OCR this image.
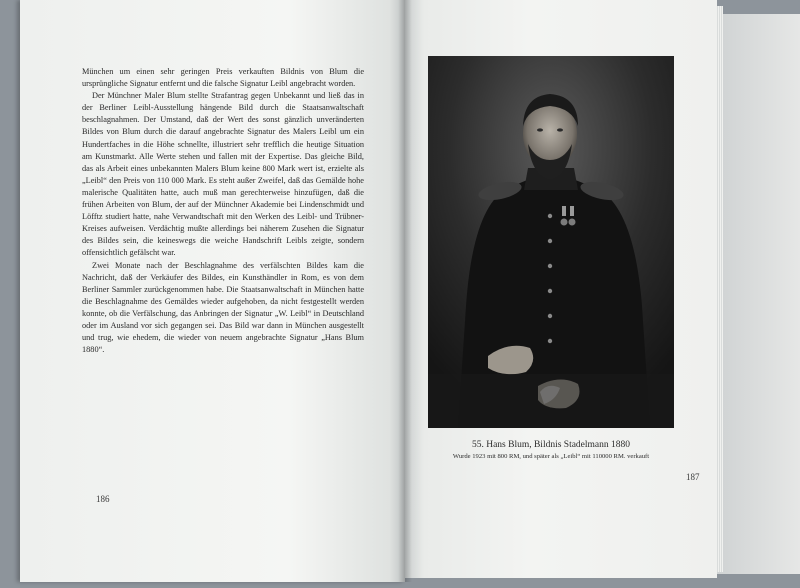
München um einen sehr geringen Preis verkauften Bildnis von Blum die ursprüngliche Signatur entfernt und die falsche Signatur Leibl angebracht worden.

Der Münchner Maler Blum stellte Strafantrag gegen Unbekannt und ließ das in der Berliner Leibl-Ausstellung hängende Bild durch die Staatsanwaltschaft beschlagnahmen. Der Umstand, daß der Wert des sonst gänzlich unveränderten Bildes von Blum durch die darauf angebrachte Signatur des Malers Leibl um ein Hundertfaches in die Höhe schnellte, illustriert sehr trefflich die heutige Situation am Kunstmarkt. Alle Werte stehen und fallen mit der Expertise. Das gleiche Bild, das als Arbeit eines unbekannten Malers Blum keine 800 Mark wert ist, erzielte als „Leibl“ den Preis von 110 000 Mark. Es steht außer Zweifel, daß das Gemälde hohe malerische Qualitäten hatte, auch muß man gerechterweise hinzufügen, daß die frühen Arbeiten von Blum, der auf der Münchner Akademie bei Lindenschmidt und Löfftz studiert hatte, nahe Verwandtschaft mit den Werken des Leibl- und Trübner-Kreises aufweisen. Verdächtig mußte allerdings bei näherem Zusehen die Signatur des Bildes sein, die keineswegs die weiche Handschrift Leibls zeigte, sondern offensichtlich gefälscht war.

Zwei Monate nach der Beschlagnahme des verfälschten Bildes kam die Nachricht, daß der Verkäufer des Bildes, ein Kunsthändler in Rom, es von dem Berliner Sammler zurückgenommen habe. Die Staatsanwaltschaft in München hatte die Beschlagnahme des Gemäldes wieder aufgehoben, da nicht festgestellt werden konnte, ob die Verfälschung, das Anbringen der Signatur „W. Leibl“ in Deutschland oder im Ausland vor sich gegangen sei. Das Bild war dann in München ausgestellt und trug, wie ehedem, die wieder von neuem angebrachte Signatur „Hans Blum 1880“.

186
55. Hans Blum, Bildnis Stadelmann 1880
Wurde 1923 mit 800 RM, und später als „Leibl“ mit 110000 RM. verkauft
187
